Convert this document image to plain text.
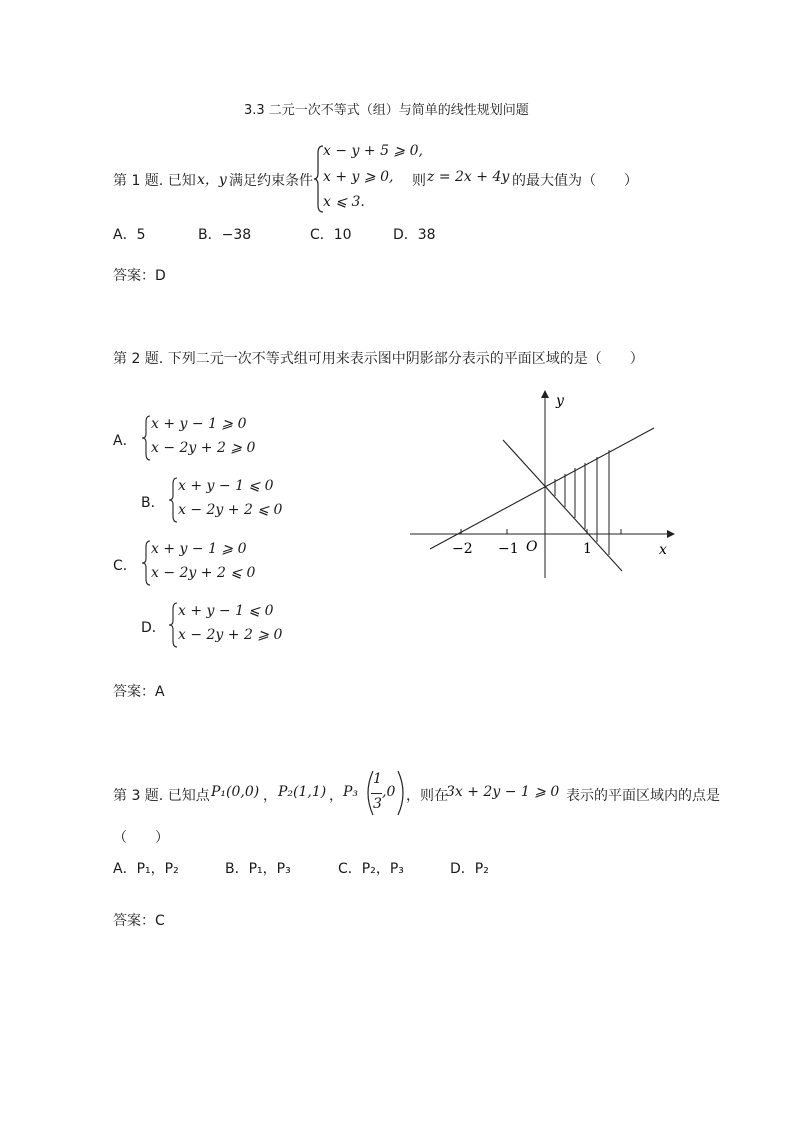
3.3 二元一次不等式（组）与简单的线性规划问题
第 1 题. 已知 x，y 满足约束条件
x − y + 5 ⩾ 0,
x + y ⩾ 0,
x ⩽ 3.
则 z = 2x + 4y 的最大值为（　　）
A．5	B．−38	C．10	D．38
答案：D
第 2 题. 下列二元一次不等式组可用来表示图中阴影部分表示的平面区域的是（　　）
A．
x + y − 1 ⩾ 0
x − 2y + 2 ⩾ 0
B．
x + y − 1 ⩽ 0
x − 2y + 2 ⩽ 0
C．
x + y − 1 ⩾ 0
x − 2y + 2 ⩽ 0
D．
x + y − 1 ⩽ 0
x − 2y + 2 ⩾ 0
y
x
O
−2 −1	1
答案：A
第 3 题. 已知点 P₁(0,0) ， P₂(1,1) ， P₃
1
3
,0 ，则在
3x + 2y − 1 ⩾ 0 表示的平面区域内的点是
（　　）
A．P₁，P₂	B．P₁，P₃	C．P₂，P₃	D．P₂
答案：C
